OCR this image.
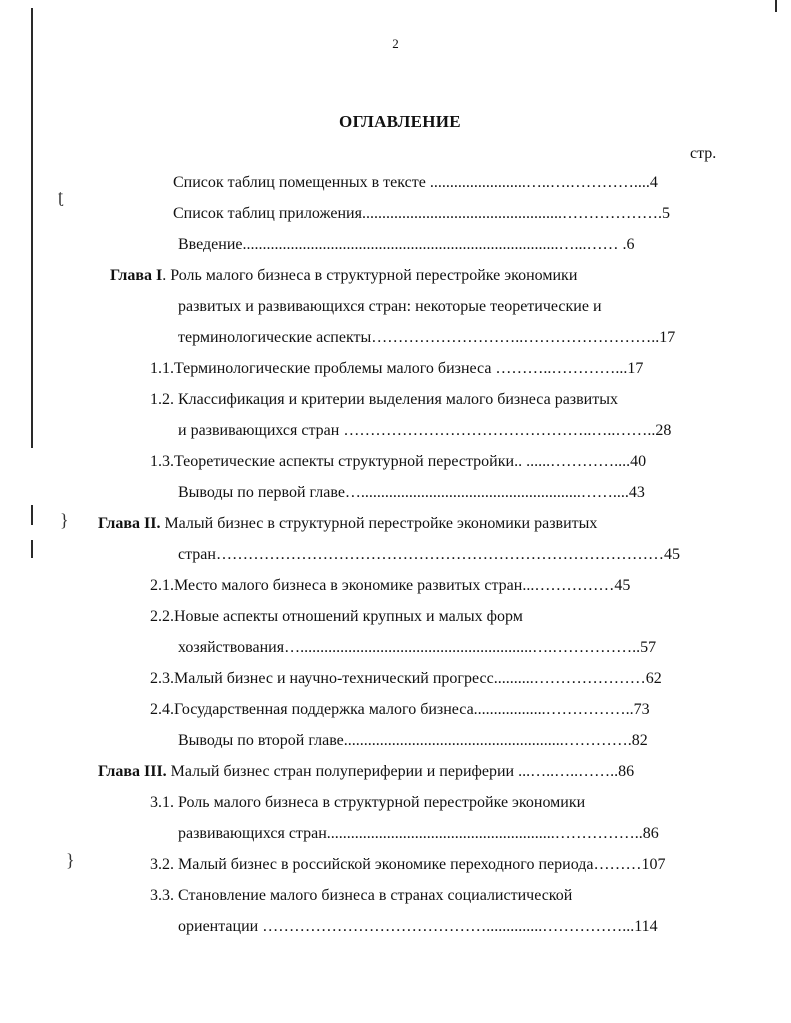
ʈ
}
}
2
ОГЛАВЛЕНИЕ
стр.
Список таблиц помещенных в тексте ........................…..….…………....4
Список таблиц приложения..................................................……………….5
Введение...............................................................................…...…… .6
Глава I. Роль малого бизнеса в структурной перестройке экономики
развитых и развивающихся стран: некоторые теоретические и
терминологические аспекты………………………..……………………..17
1.1.Терминологические проблемы малого бизнеса ………..…………...17
1.2. Классификация и критерии выделения малого бизнеса развитых
и развивающихся стран ………………………………………..…..……..28
1.3.Теоретические аспекты структурной перестройки.. ......…………....40
Выводы по первой главе….......................................................……....43
Глава II. Малый бизнес в структурной перестройке экономики развитых
стран…………………………………………………………………………45
2.1.Место малого бизнеса в экономике развитых стран...……………45
2.2.Новые аспекты отношений крупных и малых форм
хозяйствования…..........................................................….……………..57
2.3.Малый бизнес и научно-технический прогресс..........…………………62
2.4.Государственная поддержка малого бизнеса..................……………..73
Выводы по второй главе.......................................................………….82
Глава III. Малый бизнес стран полупериферии и периферии ...…..…..……..86
3.1. Роль малого бизнеса в структурной перестройке экономики
развивающихся стран.........................................................……………..86
3.2. Малый бизнес в российской экономике переходного периода………107
3.3. Становление малого бизнеса в странах социалистической
ориентации ……………………………………..............……………...114
